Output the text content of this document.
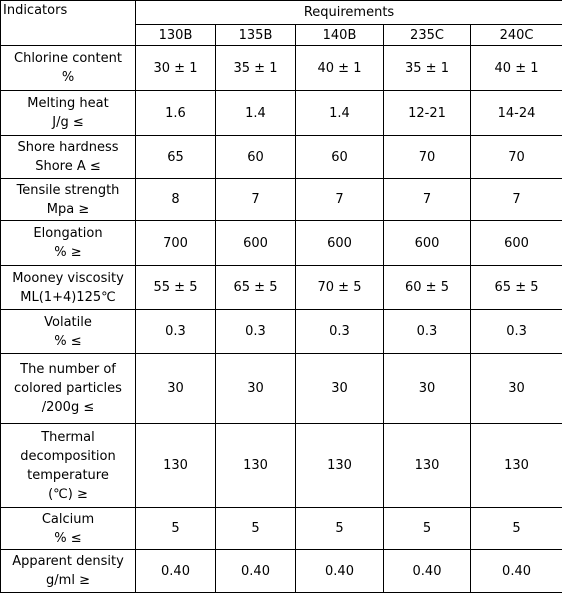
Indicators	Requirements				
	130B	135B	140B	235C	240C

Chlorine content
%	30 ± 1	35 ± 1	40 ± 1	35 ± 1	40 ± 1

Melting heat
J/g ≤	1.6	1.4	1.4	12-21	14-24

Shore hardness
Shore A ≤	65	60	60	70	70

Tensile strength
Mpa ≥	8	7	7	7	7

Elongation
% ≥	700	600	600	600	600

Mooney viscosity
ML(1+4)125℃	55 ± 5	65 ± 5	70 ± 5	60 ± 5	65 ± 5

Volatile
% ≤	0.3	0.3	0.3	0.3	0.3

The number of
colored particles
/200g ≤	30	30	30	30	30

Thermal
decomposition
temperature
(℃) ≥	130	130	130	130	130

Calcium
% ≤	5	5	5	5	5

Apparent density
g/ml ≥	0.40	0.40	0.40	0.40	0.40
